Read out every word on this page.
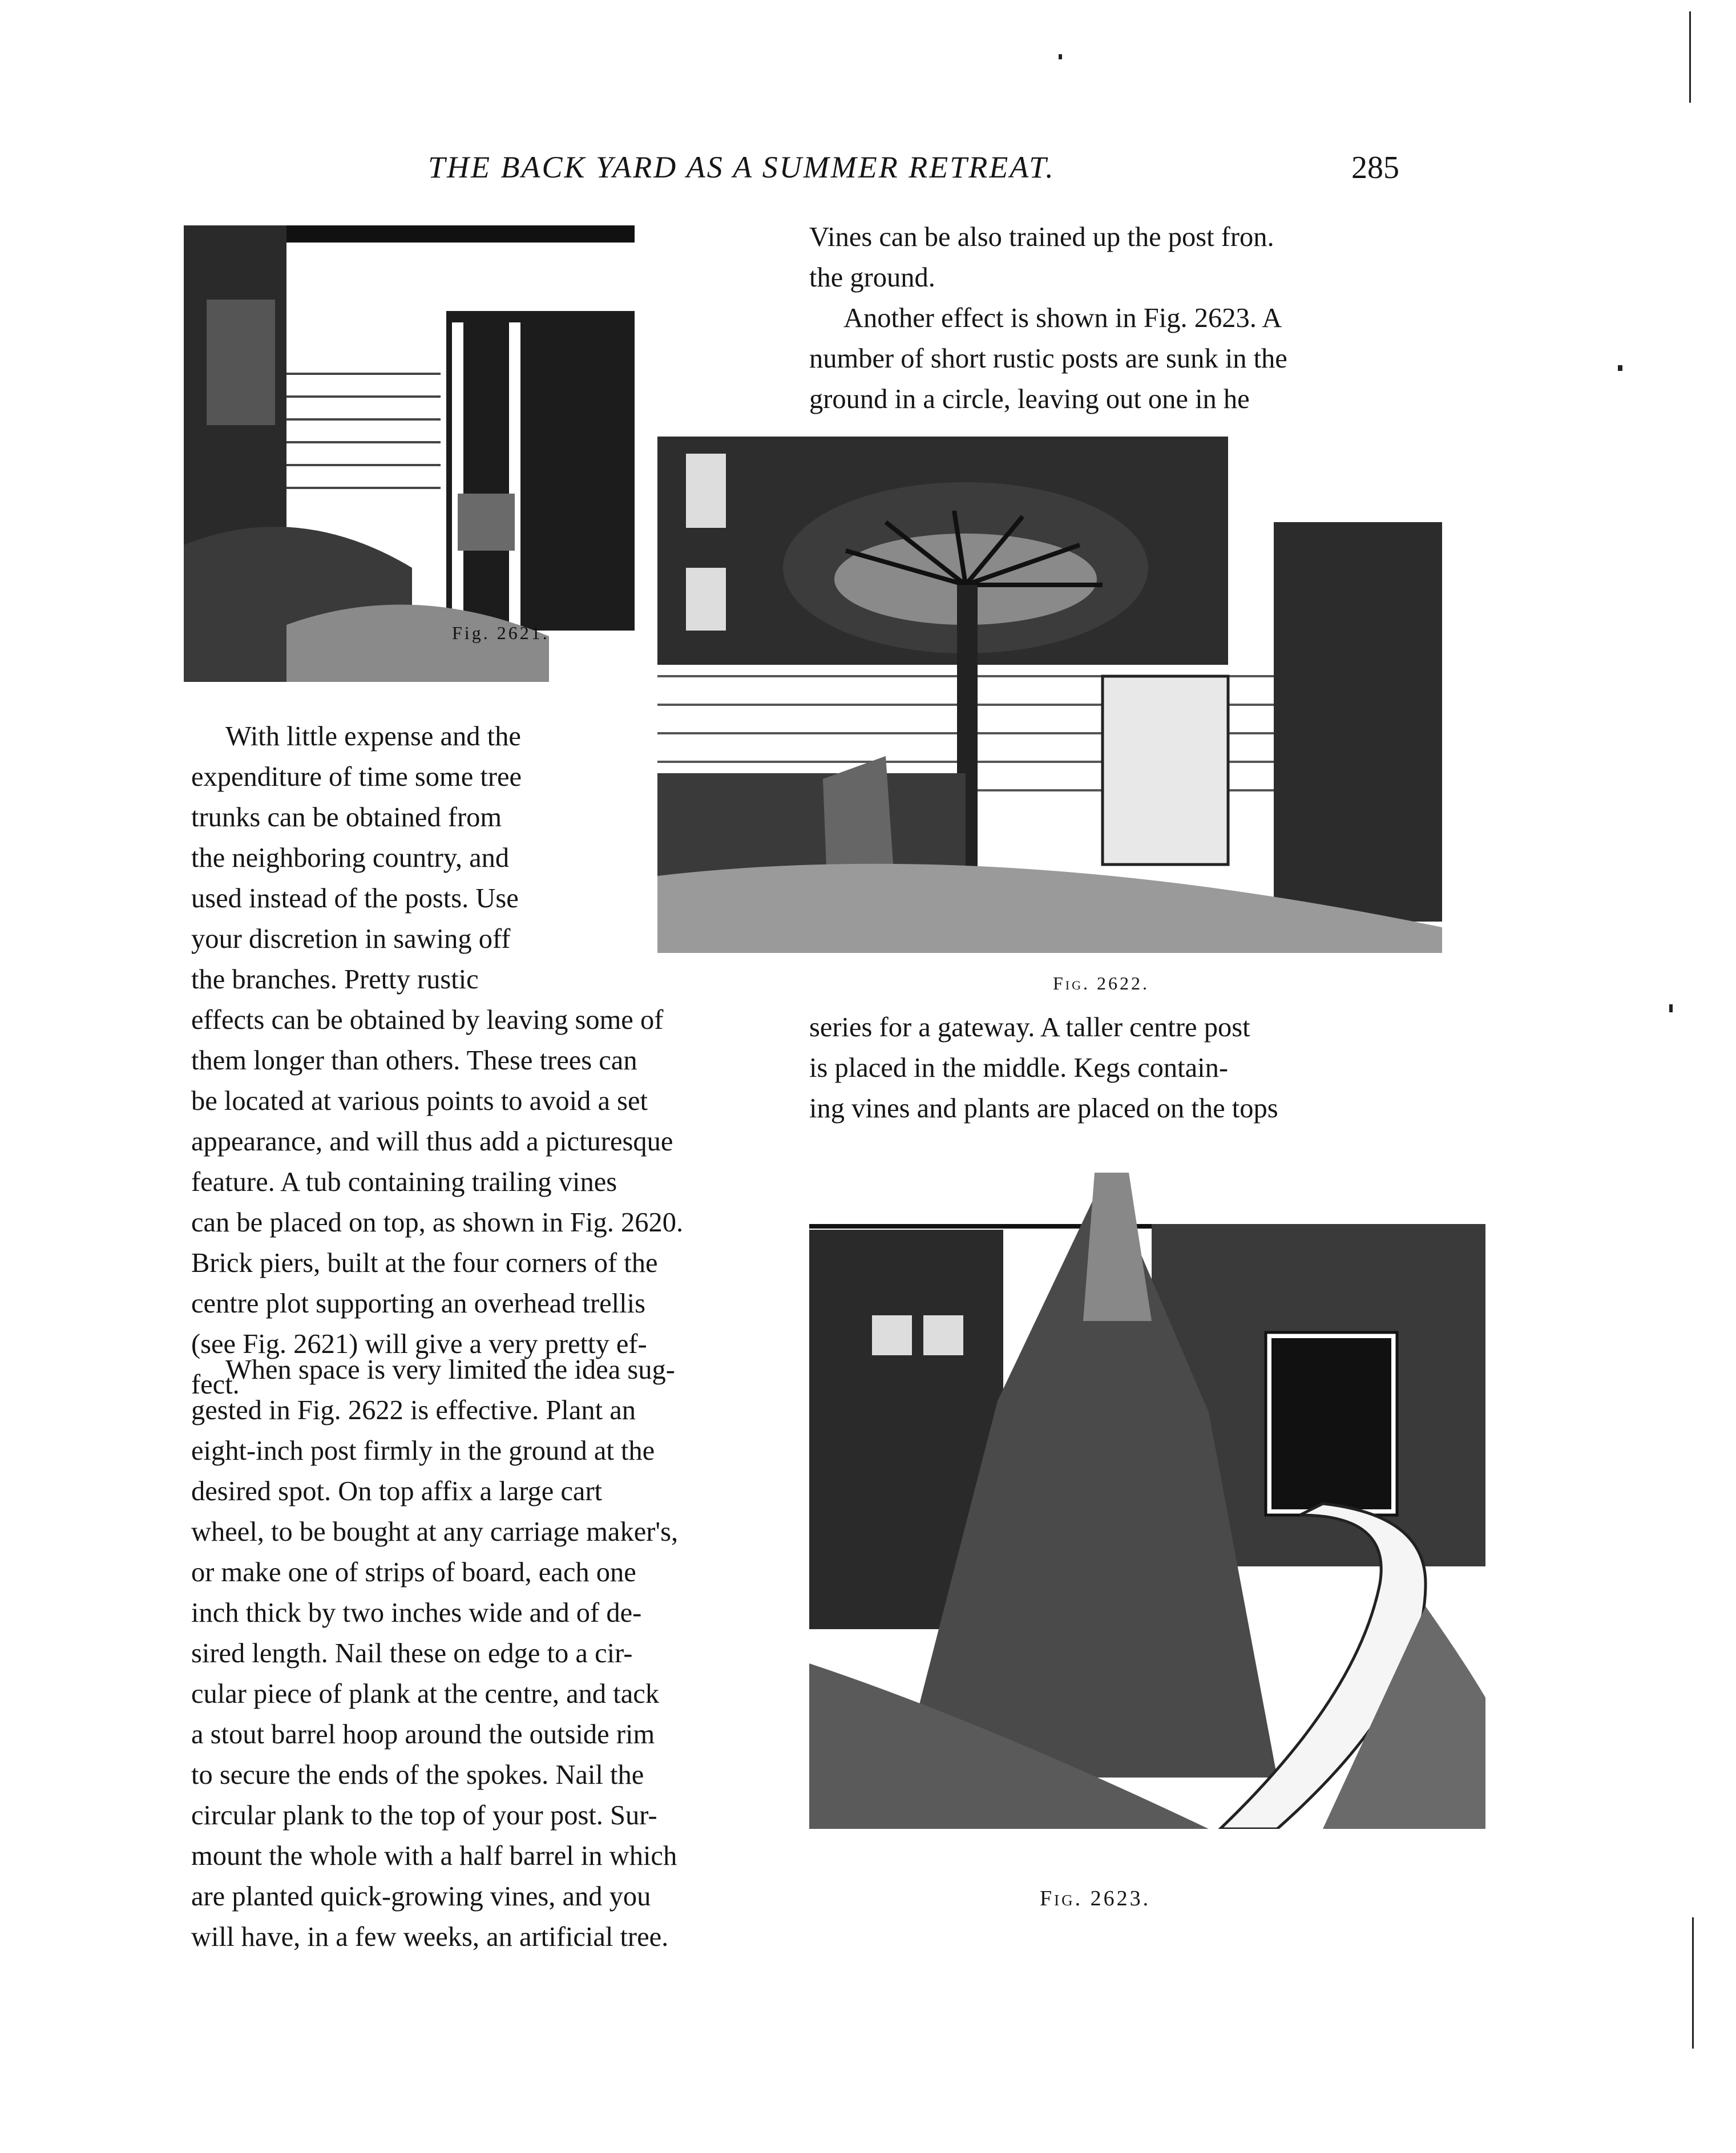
THE BACK YARD AS A SUMMER RETREAT.	285
Fig. 2621.
Fig. 2622.
Fig. 2623.
Vines can be also trained up the post fron.
the ground.
Another effect is shown in Fig. 2623. A
number of short rustic posts are sunk in the
ground in a circle, leaving out one in he
With little expense and the
expenditure of time some tree
trunks can be obtained from
the neighboring country, and
used instead of the posts. Use
your discretion in sawing off
the branches. Pretty rustic
effects can be obtained by leaving some of
them longer than others. These trees can
be located at various points to avoid a set
appearance, and will thus add a picturesque
feature. A tub containing trailing vines
can be placed on top, as shown in Fig. 2620.
Brick piers, built at the four corners of the
centre plot supporting an overhead trellis
(see Fig. 2621) will give a very pretty ef-
fect.
When space is very limited the idea sug-
gested in Fig. 2622 is effective. Plant an
eight-inch post firmly in the ground at the
desired spot. On top affix a large cart
wheel, to be bought at any carriage maker's,
or make one of strips of board, each one
inch thick by two inches wide and of de-
sired length. Nail these on edge to a cir-
cular piece of plank at the centre, and tack
a stout barrel hoop around the outside rim
to secure the ends of the spokes. Nail the
circular plank to the top of your post. Sur-
mount the whole with a half barrel in which
are planted quick-growing vines, and you
will have, in a few weeks, an artificial tree.
series for a gateway. A taller centre post
is placed in the middle. Kegs contain-
ing vines and plants are placed on the tops
